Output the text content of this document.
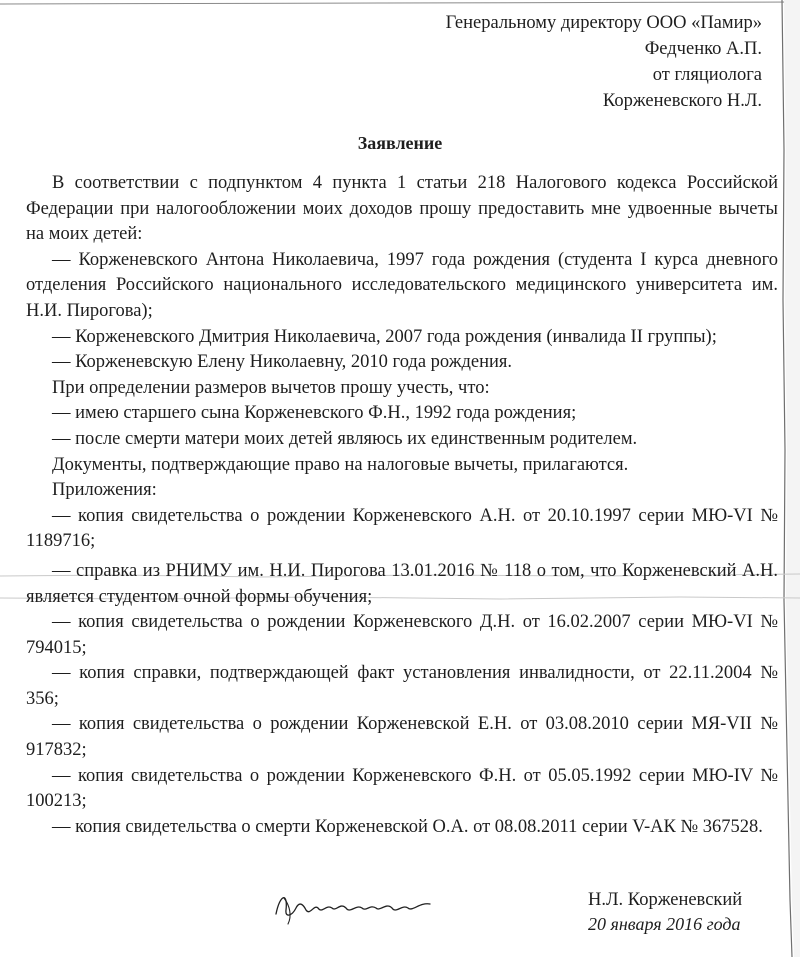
Генеральному директору ООО «Памир»
Федченко А.П.
от гляциолога
Корженевского Н.Л.
Заявление

В соответствии с подпунктом 4 пункта 1 статьи 218 Налогового кодекса Российской Федерации при налогообложении моих доходов прошу предоставить мне удвоенные вычеты на моих детей:

— Корженевского Антона Николаевича, 1997 года рождения (студента I курса дневного отделения Российского национального исследовательского медицинского университета им. Н.И. Пирогова);

— Корженевского Дмитрия Николаевича, 2007 года рождения (инвалида II группы);

— Корженевскую Елену Николаевну, 2010 года рождения.

При определении размеров вычетов прошу учесть, что:

— имею старшего сына Корженевского Ф.Н., 1992 года рождения;

— после смерти матери моих детей являюсь их единственным родителем.

Документы, подтверждающие право на налоговые вычеты, прилагаются.

Приложения:

— копия свидетельства о рождении Корженевского А.Н. от 20.10.1997 серии МЮ-VI № 1189716;

— справка из РНИМУ им. Н.И. Пирогова 13.01.2016 № 118 о том, что Корженевский А.Н. является студентом очной формы обучения;

— копия свидетельства о рождении Корженевского Д.Н. от 16.02.2007 серии МЮ-VI № 794015;

— копия справки, подтверждающей факт установления инвалидности, от 22.11.2004 № 356;

— копия свидетельства о рождении Корженевской Е.Н. от 03.08.2010 серии МЯ-VII № 917832;

— копия свидетельства о рождении Корженевского Ф.Н. от 05.05.1992 серии МЮ-IV № 100213;

— копия свидетельства о смерти Корженевской О.А. от 08.08.2011 серии V-АК № 367528.

Н.Л. Корженевский
20 января 2016 года
